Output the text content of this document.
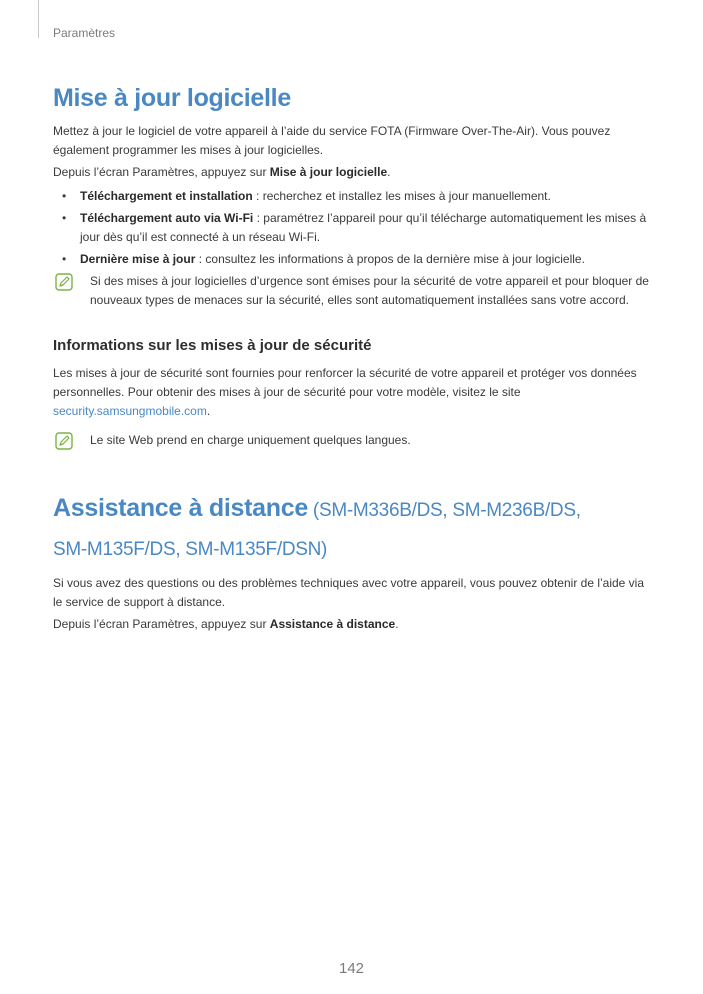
Paramètres
Mise à jour logicielle

Mettez à jour le logiciel de votre appareil à l’aide du service FOTA (Firmware Over-The-Air). Vous pouvez également programmer les mises à jour logicielles.

Depuis l’écran Paramètres, appuyez sur Mise à jour logicielle.

• Téléchargement et installation : recherchez et installez les mises à jour manuellement.
• Téléchargement auto via Wi-Fi : paramétrez l’appareil pour qu’il télécharge automatiquement les mises à jour dès qu’il est connecté à un réseau Wi-Fi.
• Dernière mise à jour : consultez les informations à propos de la dernière mise à jour logicielle.
Si des mises à jour logicielles d’urgence sont émises pour la sécurité de votre appareil et pour bloquer de nouveaux types de menaces sur la sécurité, elles sont automatiquement installées sans votre accord.
Informations sur les mises à jour de sécurité

Les mises à jour de sécurité sont fournies pour renforcer la sécurité de votre appareil et protéger vos données personnelles. Pour obtenir des mises à jour de sécurité pour votre modèle, visitez le site security.samsungmobile.com.

Le site Web prend en charge uniquement quelques langues.
Assistance à distance (SM-M336B/DS, SM-M236B/DS, SM-M135F/DS, SM-M135F/DSN)

Si vous avez des questions ou des problèmes techniques avec votre appareil, vous pouvez obtenir de l’aide via le service de support à distance.

Depuis l’écran Paramètres, appuyez sur Assistance à distance.

142
